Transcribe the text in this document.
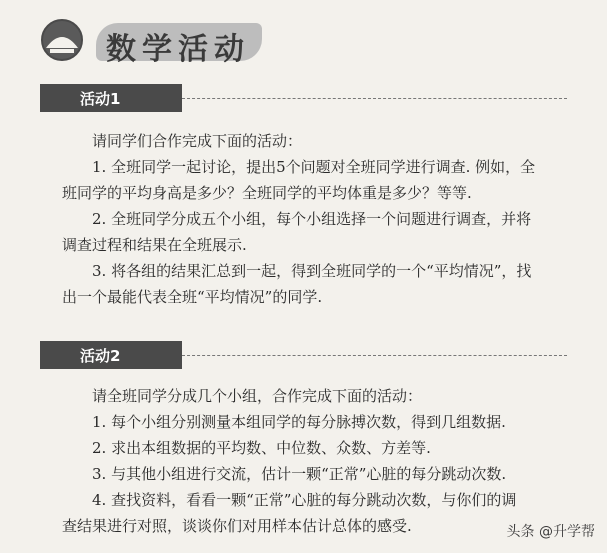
数学活动
活动1

请同学们合作完成下面的活动：

1. 全班同学一起讨论，提出5个问题对全班同学进行调查. 例如，全

班同学的平均身高是多少？全班同学的平均体重是多少？等等.

2. 全班同学分成五个小组，每个小组选择一个问题进行调查，并将

调查过程和结果在全班展示.

3. 将各组的结果汇总到一起，得到全班同学的一个“平均情况”，找

出一个最能代表全班“平均情况”的同学.

活动2

请全班同学分成几个小组，合作完成下面的活动：

1. 每个小组分别测量本组同学的每分脉搏次数，得到几组数据.

2. 求出本组数据的平均数、中位数、众数、方差等.

3. 与其他小组进行交流，估计一颗“正常”心脏的每分跳动次数.

4. 查找资料，看看一颗“正常”心脏的每分跳动次数，与你们的调

查结果进行对照，谈谈你们对用样本估计总体的感受.	头条 @升学帮
